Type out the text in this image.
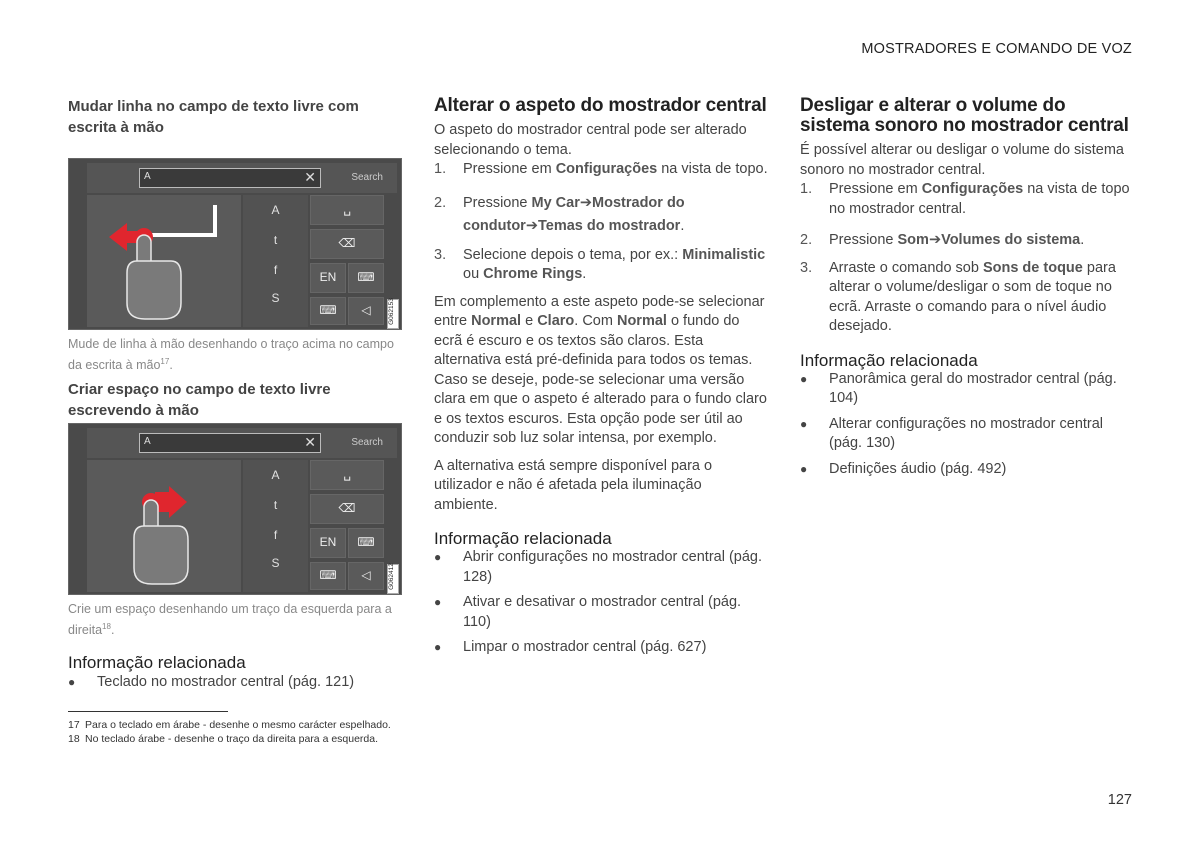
MOSTRADORES E COMANDO DE VOZ
Mudar linha no campo de texto livre com escrita à mão
A	✕	Search
A
t
f
S
␣
⌫
EN	⌨
⌨	◁	G062153

Mude de linha à mão desenhando o traço acima no campo da escrita à mão$^{17}$.

Criar espaço no campo de texto livre escrevendo à mão
A	✕	Search
A
t
f
S
␣
⌫
EN	⌨
⌨	◁	G062412

Crie um espaço desenhando um traço da esquerda para a direita$^{18}$.

Informação relacionada
● Teclado no mostrador central (pág. 121)
Alterar o aspeto do mostrador central

O aspeto do mostrador central pode ser alterado selecionando o tema.

1. Pressione em Configurações na vista de topo.
2. Pressione My Car➔Mostrador do condutor➔Temas do mostrador.
3. Selecione depois o tema, por ex.: Minimalistic ou Chrome Rings.

Em complemento a este aspeto pode-se selecionar entre Normal e Claro. Com Normal o fundo do ecrã é escuro e os textos são claros. Esta alternativa está pré-definida para todos os temas. Caso se deseje, pode-se selecionar uma versão clara em que o aspeto é alterado para o fundo claro e os textos escuros. Esta opção pode ser útil ao conduzir sob luz solar intensa, por exemplo.

A alternativa está sempre disponível para o utilizador e não é afetada pela iluminação ambiente.

Informação relacionada
● Abrir configurações no mostrador central (pág. 128)
● Ativar e desativar o mostrador central (pág. 110)
● Limpar o mostrador central (pág. 627)
Desligar e alterar o volume do sistema sonoro no mostrador central

É possível alterar ou desligar o volume do sistema sonoro no mostrador central.

1. Pressione em Configurações na vista de topo no mostrador central.
2. Pressione Som➔Volumes do sistema.
3. Arraste o comando sob Sons de toque para alterar o volume/desligar o som de toque no ecrã. Arraste o comando para o nível áudio desejado.
Informação relacionada
● Panorâmica geral do mostrador central (pág. 104)
● Alterar configurações no mostrador central (pág. 130)
● Definições áudio (pág. 492)
17 Para o teclado em árabe - desenhe o mesmo carácter espelhado.
18 No teclado árabe - desenhe o traço da direita para a esquerda.
127
